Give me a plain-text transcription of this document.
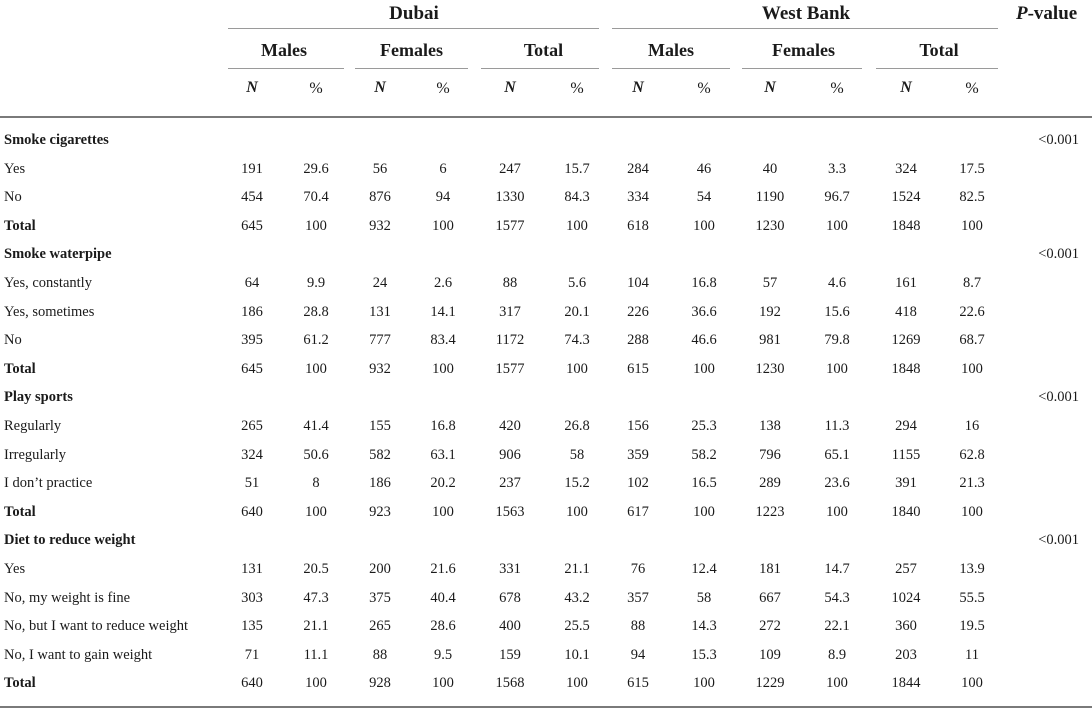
Dubai
Males	Females	Total
West Bank
Males	Females	Total
P-value
N	%	N	%	N	%	N	%	N	%	N	%
Smoke cigarettes	<0.001
Yes	191	29.6	56	6	247	15.7	284	46	40	3.3	324	17.5
No	454	70.4	876	94	1330	84.3	334	54	1190	96.7	1524	82.5
Total	645	100	932	100	1577	100	618	100	1230	100	1848	100
Smoke waterpipe	<0.001
Yes, constantly	64	9.9	24	2.6	88	5.6	104	16.8	57	4.6	161	8.7
Yes, sometimes	186	28.8	131	14.1	317	20.1	226	36.6	192	15.6	418	22.6
No	395	61.2	777	83.4	1172	74.3	288	46.6	981	79.8	1269	68.7
Total	645	100	932	100	1577	100	615	100	1230	100	1848	100
Play sports	<0.001
Regularly	265	41.4	155	16.8	420	26.8	156	25.3	138	11.3	294	16
Irregularly	324	50.6	582	63.1	906	58	359	58.2	796	65.1	1155	62.8
I don’t practice	51	8	186	20.2	237	15.2	102	16.5	289	23.6	391	21.3
Total	640	100	923	100	1563	100	617	100	1223	100	1840	100
Diet to reduce weight	<0.001
Yes	131	20.5	200	21.6	331	21.1	76	12.4	181	14.7	257	13.9
No, my weight is fine	303	47.3	375	40.4	678	43.2	357	58	667	54.3	1024	55.5
No, but I want to reduce weight	135	21.1	265	28.6	400	25.5	88	14.3	272	22.1	360	19.5
No, I want to gain weight	71	11.1	88	9.5	159	10.1	94	15.3	109	8.9	203	11
Total	640	100	928	100	1568	100	615	100	1229	100	1844	100
